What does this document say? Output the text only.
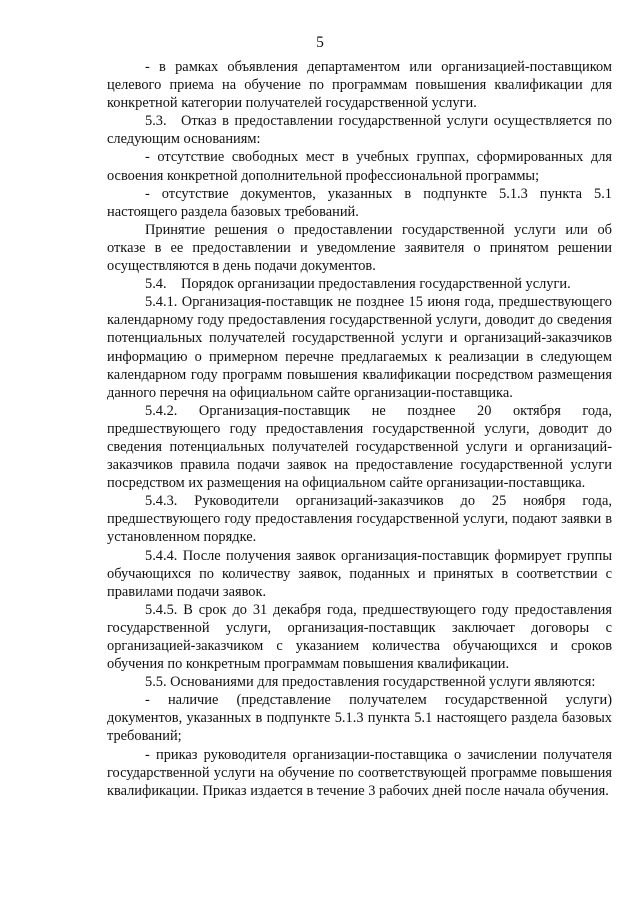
5

- в рамках объявления департаментом или организацией-поставщиком целевого приема на обучение по программам повышения квалификации для конкретной категории получателей государственной услуги.

5.3.  Отказ в предоставлении государственной услуги осуществляется по следующим основаниям:

- отсутствие свободных мест в учебных группах, сформированных для освоения конкретной дополнительной профессиональной программы;

- отсутствие документов, указанных в подпункте 5.1.3 пункта 5.1 настоящего раздела базовых требований.

Принятие решения о предоставлении государственной услуги или об отказе в ее предоставлении и уведомление заявителя о принятом решении осуществляются в день подачи документов.

5.4.  Порядок организации предоставления государственной услуги.

5.4.1. Организация-поставщик не позднее 15 июня года, предшествующего календарному году предоставления государственной услуги, доводит до сведения потенциальных получателей государственной услуги и организаций-заказчиков информацию о примерном перечне предлагаемых к реализации в следующем календарном году программ повышения квалификации посредством размещения данного перечня на официальном сайте организации-поставщика.

5.4.2. Организация-поставщик не позднее 20 октября года, предшествующего году предоставления государственной услуги, доводит до сведения потенциальных получателей государственной услуги и организаций-заказчиков правила подачи заявок на предоставление государственной услуги посредством их размещения на официальном сайте организации-поставщика.

5.4.3. Руководители организаций-заказчиков до 25 ноября года, предшествующего году предоставления государственной услуги, подают заявки в установленном порядке.

5.4.4. После получения заявок организация-поставщик формирует группы обучающихся по количеству заявок, поданных и принятых в соответствии с правилами подачи заявок.

5.4.5. В срок до 31 декабря года, предшествующего году предоставления государственной услуги, организация-поставщик заключает договоры с организацией-заказчиком с указанием количества обучающихся и сроков обучения по конкретным программам повышения квалификации.

5.5. Основаниями для предоставления государственной услуги являются:

- наличие (представление получателем государственной услуги) документов, указанных в подпункте 5.1.3 пункта 5.1 настоящего раздела базовых требований;

- приказ руководителя организации-поставщика о зачислении получателя государственной услуги на обучение по соответствующей программе повышения квалификации. Приказ издается в течение 3 рабочих дней после начала обучения.
